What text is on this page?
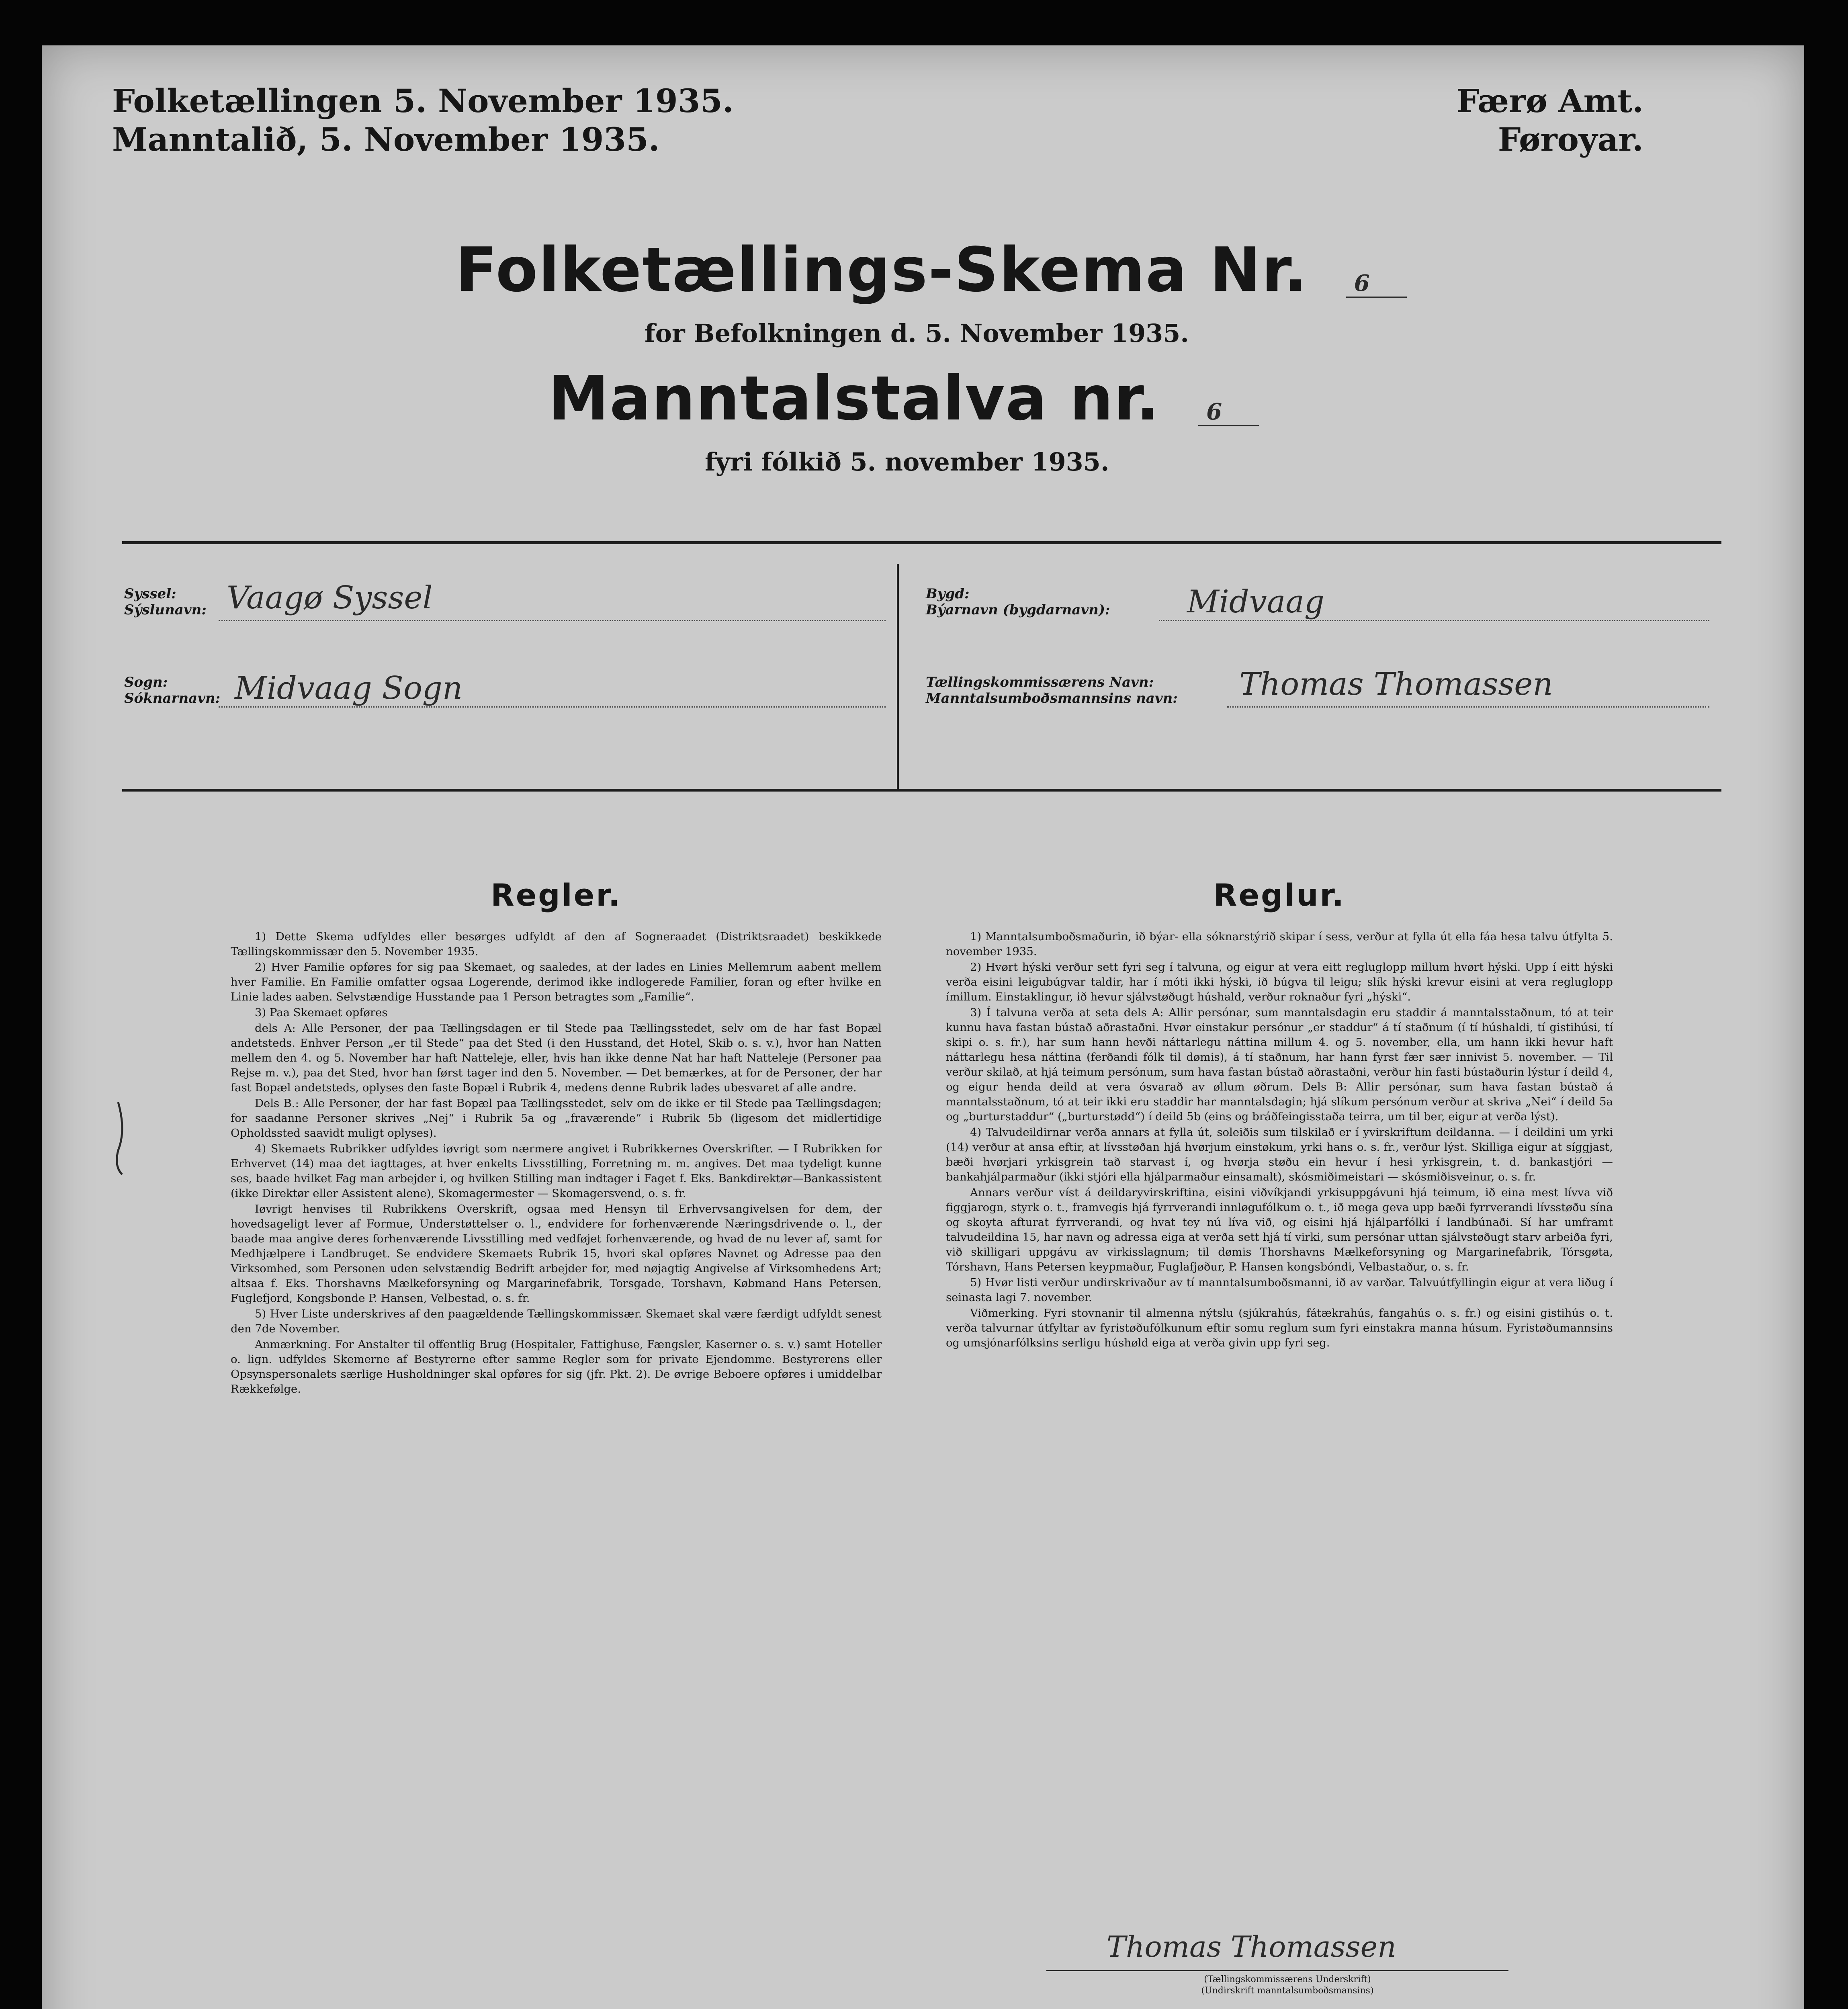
Folketællingen 5. November 1935.
Manntalið, 5. November 1935.
Færø Amt.
Føroyar.
Folketællings-Skema Nr. 6
for Befolkningen d. 5. November 1935.
Manntalstalva nr. 6
fyri fólkið 5. november 1935.
Syssel:
Sýslunavn: Vaagø Syssel
Sogn:
Sóknarnavn: Midvaag Sogn
Bygd:
Býarnavn (bygdarnavn): Midvaag
Tællingskommissærens Navn:
Manntalsumboðsmannsins navn: Thomas Thomassen
Regler.

1) Dette Skema udfyldes eller besørges udfyldt af den af Sogneraadet (Distriktsraadet) beskikkede Tællingskommissær den 5. November 1935.

2) Hver Familie opføres for sig paa Skemaet, og saaledes, at der lades en Linies Mellemrum aabent mellem hver Familie. En Familie omfatter ogsaa Logerende, derimod ikke indlogerede Familier, foran og efter hvilke en Linie lades aaben. Selvstændige Husstande paa 1 Person betragtes som „Familie“.

3) Paa Skemaet opføres

dels A: Alle Personer, der paa Tællingsdagen er til Stede paa Tællingsstedet, selv om de har fast Bopæl andetsteds. Enhver Person „er til Stede“ paa det Sted (i den Husstand, det Hotel, Skib o. s. v.), hvor han Natten mellem den 4. og 5. November har haft Natteleje, eller, hvis han ikke denne Nat har haft Natteleje (Personer paa Rejse m. v.), paa det Sted, hvor han først tager ind den 5. November. — Det bemærkes, at for de Personer, der har fast Bopæl andetsteds, oplyses den faste Bopæl i Rubrik 4, medens denne Rubrik lades ubesvaret af alle andre.

Dels B.: Alle Personer, der har fast Bopæl paa Tællingsstedet, selv om de ikke er til Stede paa Tællingsdagen; for saadanne Personer skrives „Nej“ i Rubrik 5a og „fraværende“ i Rubrik 5b (ligesom det midlertidige Opholdssted saavidt muligt oplyses).

4) Skemaets Rubrikker udfyldes iøvrigt som nærmere angivet i Rubrikkernes Overskrifter. — I Rubrikken for Erhvervet (14) maa det iagttages, at hver enkelts Livsstilling, Forretning m. m. angives. Det maa tydeligt kunne ses, baade hvilket Fag man arbejder i, og hvilken Stilling man indtager i Faget f. Eks. Bankdirektør—Bankassistent (ikke Direktør eller Assistent alene), Skomagermester — Skomagersvend, o. s. fr.

Iøvrigt henvises til Rubrikkens Overskrift, ogsaa med Hensyn til Erhvervsangivelsen for dem, der hovedsageligt lever af Formue, Understøttelser o. l., endvidere for forhenværende Næringsdrivende o. l., der baade maa angive deres forhenværende Livsstilling med vedføjet forhenværende, og hvad de nu lever af, samt for Medhjælpere i Landbruget. Se endvidere Skemaets Rubrik 15, hvori skal opføres Navnet og Adresse paa den Virksomhed, som Personen uden selvstændig Bedrift arbejder for, med nøjagtig Angivelse af Virksomhedens Art; altsaa f. Eks. Thorshavns Mælkeforsyning og Margarinefabrik, Torsgade, Torshavn, Købmand Hans Petersen, Fuglefjord, Kongsbonde P. Hansen, Velbestad, o. s. fr.

5) Hver Liste underskrives af den paagældende Tællingskommissær. Skemaet skal være færdigt udfyldt senest den 7de November.

Anmærkning. For Anstalter til offentlig Brug (Hospitaler, Fattighuse, Fængsler, Kaserner o. s. v.) samt Hoteller o. lign. udfyldes Skemerne af Bestyrerne efter samme Regler som for private Ejendomme. Bestyrerens eller Opsynspersonalets særlige Husholdninger skal opføres for sig (jfr. Pkt. 2). De øvrige Beboere opføres i umiddelbar Rækkefølge.

Reglur.

1) Manntalsumboðsmaðurin, ið býar- ella sóknarstýrið skipar í sess, verður at fylla út ella fáa hesa talvu útfylta 5. november 1935.

2) Hvørt hýski verður sett fyri seg í talvuna, og eigur at vera eitt regluglopp millum hvørt hýski. Upp í eitt hýski verða eisini leigubúgvar taldir, har í móti ikki hýski, ið búgva til leigu; slík hýski krevur eisini at vera regluglopp ímillum. Einstaklingur, ið hevur sjálvstøðugt húshald, verður roknaður fyri „hýski“.

3) Í talvuna verða at seta dels A: Allir persónar, sum manntalsdagin eru staddir á manntalsstaðnum, tó at teir kunnu hava fastan bústað aðrastaðni. Hvør einstakur persónur „er staddur“ á tí staðnum (í tí húshaldi, tí gistihúsi, tí skipi o. s. fr.), har sum hann hevði náttarlegu náttina millum 4. og 5. november, ella, um hann ikki hevur haft náttarlegu hesa náttina (ferðandi fólk til dømis), á tí staðnum, har hann fyrst fær sær innivist 5. november. — Til verður skilað, at hjá teimum persónum, sum hava fastan bústað aðrastaðni, verður hin fasti bústaðurin lýstur í deild 4, og eigur henda deild at vera ósvarað av øllum øðrum. Dels B: Allir persónar, sum hava fastan bústað á manntalsstaðnum, tó at teir ikki eru staddir har manntalsdagin; hjá slíkum persónum verður at skriva „Nei“ í deild 5a og „burturstaddur“ („burturstødd“) í deild 5b (eins og bráðfeingisstaða teirra, um til ber, eigur at verða lýst).

4) Talvudeildirnar verða annars at fylla út, soleiðis sum tilskilað er í yvirskriftum deildanna. — Í deildini um yrki (14) verður at ansa eftir, at lívsstøðan hjá hvørjum einstøkum, yrki hans o. s. fr., verður lýst. Skilliga eigur at síggjast, bæði hvørjari yrkisgrein tað starvast í, og hvørja støðu ein hevur í hesi yrkisgrein, t. d. bankastjóri — bankahjálparmaður (ikki stjóri ella hjálparmaður einsamalt), skósmiðimeistari — skósmiðisveinur, o. s. fr.

Annars verður víst á deildaryvirskriftina, eisini viðvíkjandi yrkisuppgávuni hjá teimum, ið eina mest lívva við figgjarogn, styrk o. t., framvegis hjá fyrrverandi innløgufólkum o. t., ið mega geva upp bæði fyrrverandi lívsstøðu sína og skoyta afturat fyrrverandi, og hvat tey nú líva við, og eisini hjá hjálparfólki í landbúnaði. Sí har umframt talvudeildina 15, har navn og adressa eiga at verða sett hjá tí virki, sum persónar uttan sjálvstøðugt starv arbeiða fyri, við skilligari uppgávu av virkisslagnum; til dømis Thorshavns Mælkeforsyning og Margarinefabrik, Tórsgøta, Tórshavn, Hans Petersen keypmaður, Fuglafjøður, P. Hansen kongsbóndi, Velbastaður, o. s. fr.

5) Hvør listi verður undirskrivaður av tí manntalsumboðsmanni, ið av varðar. Talvuútfyllingin eigur at vera liðug í seinasta lagi 7. november.

Viðmerking. Fyri stovnanir til almenna nýtslu (sjúkrahús, fátækrahús, fangahús o. s. fr.) og eisini gistihús o. t. verða talvurnar útfyltar av fyristøðufólkunum eftir somu reglum sum fyri einstakra manna húsum. Fyristøðumannsins og umsjónarfólksins serligu húshøld eiga at verða givin upp fyri seg.

Thomas Thomassen
(Tællingskommissærens Underskrift)
(Undirskrift manntalsumboðsmansins)
